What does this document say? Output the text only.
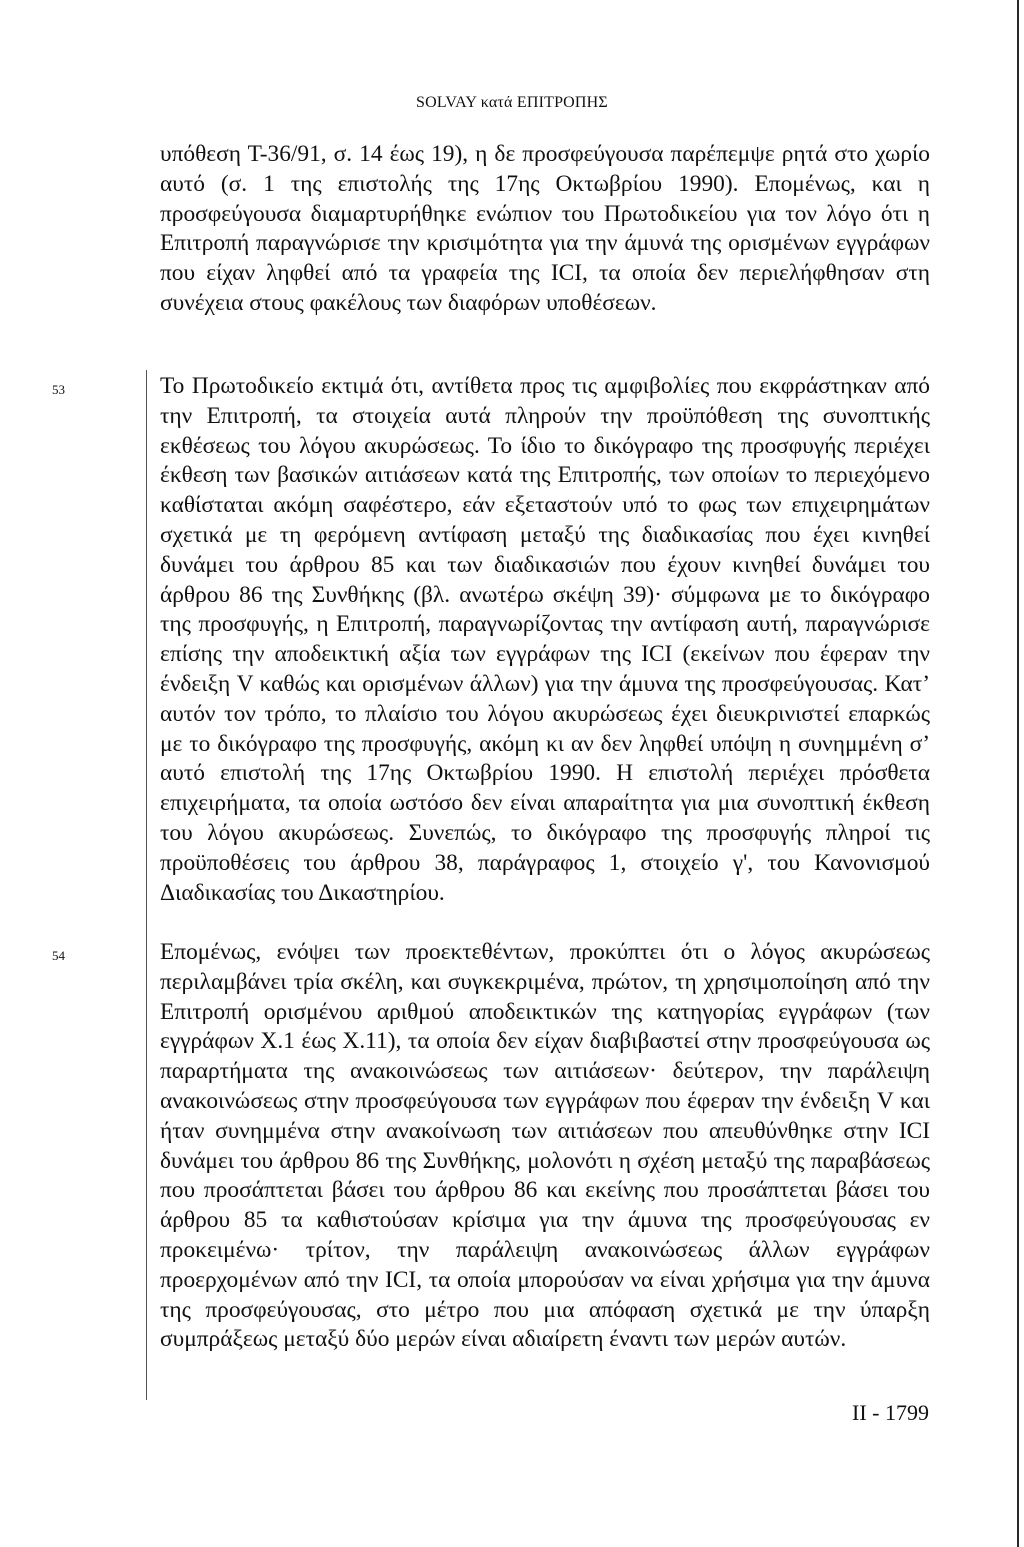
SOLVAY κατά ΕΠΙΤΡΟΠΗΣ

υπόθεση Τ-36/91, σ. 14 έως 19), η δε προσφεύγουσα παρέπεμψε ρητά στο χωρίο αυτό (σ. 1 της επιστολής της 17ης Οκτωβρίου 1990). Επομένως, και η προσφεύγουσα διαμαρτυρήθηκε ενώπιον του Πρωτοδικείου για τον λόγο ότι η Επιτροπή παραγνώρισε την κρισιμότητα για την άμυνά της ορισμένων εγγράφων που είχαν ληφθεί από τα γραφεία της ICI, τα οποία δεν περιελήφθησαν στη συνέχεια στους φακέλους των διαφόρων υποθέσεων.

53	Το Πρωτοδικείο εκτιμά ότι, αντίθετα προς τις αμφιβολίες που εκφράστηκαν από την Επιτροπή, τα στοιχεία αυτά πληρούν την προϋπόθεση της συνοπτικής εκθέσεως του λόγου ακυρώσεως. Το ίδιο το δικόγραφο της προσφυγής περιέχει έκθεση των βασικών αιτιάσεων κατά της Επιτροπής, των οποίων το περιεχόμενο καθίσταται ακόμη σαφέστερο, εάν εξεταστούν υπό το φως των επιχειρημάτων σχετικά με τη φερόμενη αντίφαση μεταξύ της διαδικασίας που έχει κινηθεί δυνάμει του άρθρου 85 και των διαδικασιών που έχουν κινηθεί δυνάμει του άρθρου 86 της Συνθήκης (βλ. ανωτέρω σκέψη 39)· σύμφωνα με το δικόγραφο της προσφυγής, η Επιτροπή, παραγνωρίζοντας την αντίφαση αυτή, παραγνώρισε επίσης την αποδεικτική αξία των εγγράφων της ICI (εκείνων που έφεραν την ένδειξη V καθώς και ορισμένων άλλων) για την άμυνα της προσφεύγουσας. Κατ’ αυτόν τον τρόπο, το πλαίσιο του λόγου ακυρώσεως έχει διευκρινιστεί επαρκώς με το δικόγραφο της προσφυγής, ακόμη κι αν δεν ληφθεί υπόψη η συνημμένη σ’ αυτό επιστολή της 17ης Οκτωβρίου 1990. Η επιστολή περιέχει πρόσθετα επιχειρήματα, τα οποία ωστόσο δεν είναι απαραίτητα για μια συνοπτική έκθεση του λόγου ακυρώσεως. Συνεπώς, το δικόγραφο της προσφυγής πληροί τις προϋποθέσεις του άρθρου 38, παράγραφος 1, στοιχείο γ', του Κανονισμού Διαδικασίας του Δικαστηρίου.

54	Επομένως, ενόψει των προεκτεθέντων, προκύπτει ότι ο λόγος ακυρώσεως περιλαμβάνει τρία σκέλη, και συγκεκριμένα, πρώτον, τη χρησιμοποίηση από την Επιτροπή ορισμένου αριθμού αποδεικτικών της κατηγορίας εγγράφων (των εγγράφων Χ.1 έως Χ.11), τα οποία δεν είχαν διαβιβαστεί στην προσφεύγουσα ως παραρτήματα της ανακοινώσεως των αιτιάσεων· δεύτερον, την παράλειψη ανακοινώσεως στην προσφεύγουσα των εγγράφων που έφεραν την ένδειξη V και ήταν συνημμένα στην ανακοίνωση των αιτιάσεων που απευθύνθηκε στην ICI δυνάμει του άρθρου 86 της Συνθήκης, μολονότι η σχέση μεταξύ της παραβάσεως που προσάπτεται βάσει του άρθρου 86 και εκείνης που προσάπτεται βάσει του άρθρου 85 τα καθιστούσαν κρίσιμα για την άμυνα της προσφεύγουσας εν προκειμένω· τρίτον, την παράλειψη ανακοινώσεως άλλων εγγράφων προερχομένων από την ICI, τα οποία μπορούσαν να είναι χρήσιμα για την άμυνα της προσφεύγουσας, στο μέτρο που μια απόφαση σχετικά με την ύπαρξη συμπράξεως μεταξύ δύο μερών είναι αδιαίρετη έναντι των μερών αυτών.

II - 1799
